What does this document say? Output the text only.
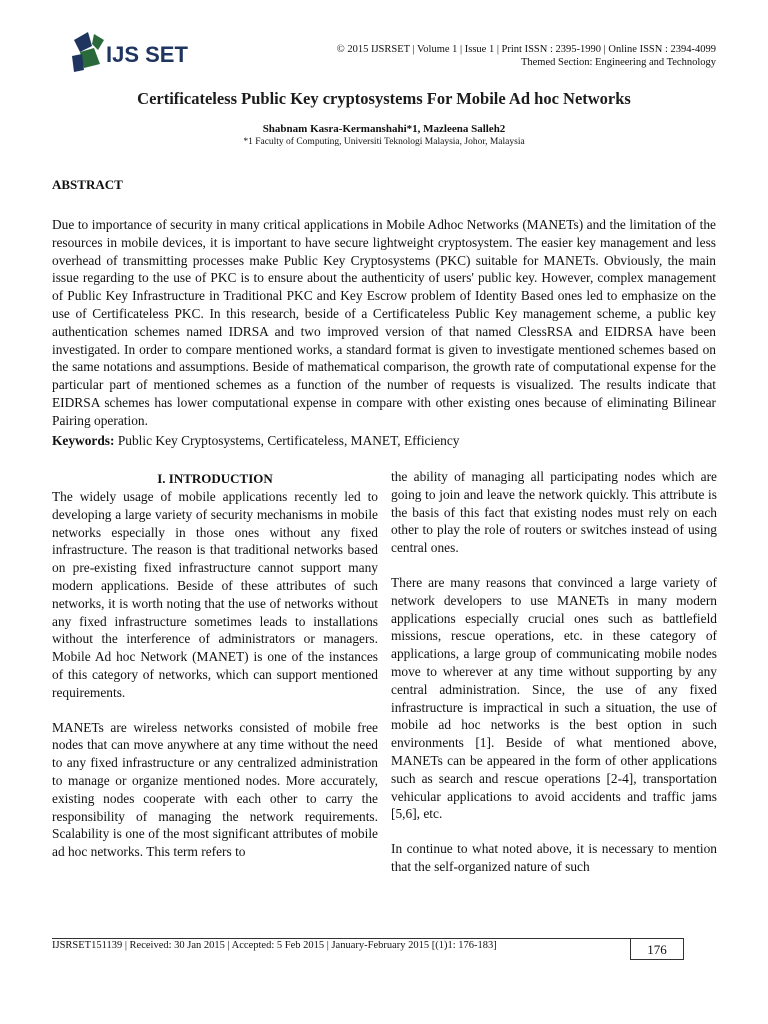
IJS SET	© 2015 IJSRSET | Volume 1 | Issue 1 | Print ISSN : 2395-1990 | Online ISSN : 2394-4099
Themed Section: Engineering and Technology
Certificateless Public Key cryptosystems For Mobile Ad hoc Networks
Shabnam Kasra-Kermanshahi*1, Mazleena Salleh2
*1 Faculty of Computing, Universiti Teknologi Malaysia, Johor, Malaysia
ABSTRACT
Due to importance of security in many critical applications in Mobile Adhoc Networks (MANETs) and the limitation of the resources in mobile devices, it is important to have secure lightweight cryptosystem. The easier key management and less overhead of transmitting processes make Public Key Cryptosystems (PKC) suitable for MANETs. Obviously, the main issue regarding to the use of PKC is to ensure about the authenticity of users' public key. However, complex management of Public Key Infrastructure in Traditional PKC and Key Escrow problem of Identity Based ones led to emphasize on the use of Certificateless PKC. In this research, beside of a Certificateless Public Key management scheme, a public key authentication schemes named IDRSA and two improved version of that named ClessRSA and EIDRSA have been investigated. In order to compare mentioned works, a standard format is given to investigate mentioned schemes based on the same notations and assumptions. Beside of mathematical comparison, the growth rate of computational expense for the particular part of mentioned schemes as a function of the number of requests is visualized. The results indicate that EIDRSA schemes has lower computational expense in compare with other existing ones because of eliminating Bilinear Pairing operation.
Keywords: Public Key Cryptosystems, Certificateless, MANET, Efficiency
I. INTRODUCTION

The widely usage of mobile applications recently led to developing a large variety of security mechanisms in mobile networks especially in those ones without any fixed infrastructure. The reason is that traditional networks based on pre-existing fixed infrastructure cannot support many modern applications. Beside of these attributes of such networks, it is worth noting that the use of networks without any fixed infrastructure sometimes leads to installations without the interference of administrators or managers. Mobile Ad hoc Network (MANET) is one of the instances of this category of networks, which can support mentioned requirements.

MANETs are wireless networks consisted of mobile free nodes that can move anywhere at any time without the need to any fixed infrastructure or any centralized administration to manage or organize mentioned nodes. More accurately, existing nodes cooperate with each other to carry the responsibility of managing the network requirements. Scalability is one of the most significant attributes of mobile ad hoc networks. This term refers to

the ability of managing all participating nodes which are going to join and leave the network quickly. This attribute is the basis of this fact that existing nodes must rely on each other to play the role of routers or switches instead of using central ones.

There are many reasons that convinced a large variety of network developers to use MANETs in many modern applications especially crucial ones such as battlefield missions, rescue operations, etc. in these category of applications, a large group of communicating mobile nodes move to wherever at any time without supporting by any central administration. Since, the use of any fixed infrastructure is impractical in such a situation, the use of mobile ad hoc networks is the best option in such environments [1]. Beside of what mentioned above, MANETs can be appeared in the form of other applications such as search and rescue operations [2-4], transportation vehicular applications to avoid accidents and traffic jams [5,6], etc.

In continue to what noted above, it is necessary to mention that the self-organized nature of such

IJSRSET151139 | Received: 30 Jan 2015 | Accepted: 5 Feb 2015 | January-February 2015 [(1)1: 176-183]	176
